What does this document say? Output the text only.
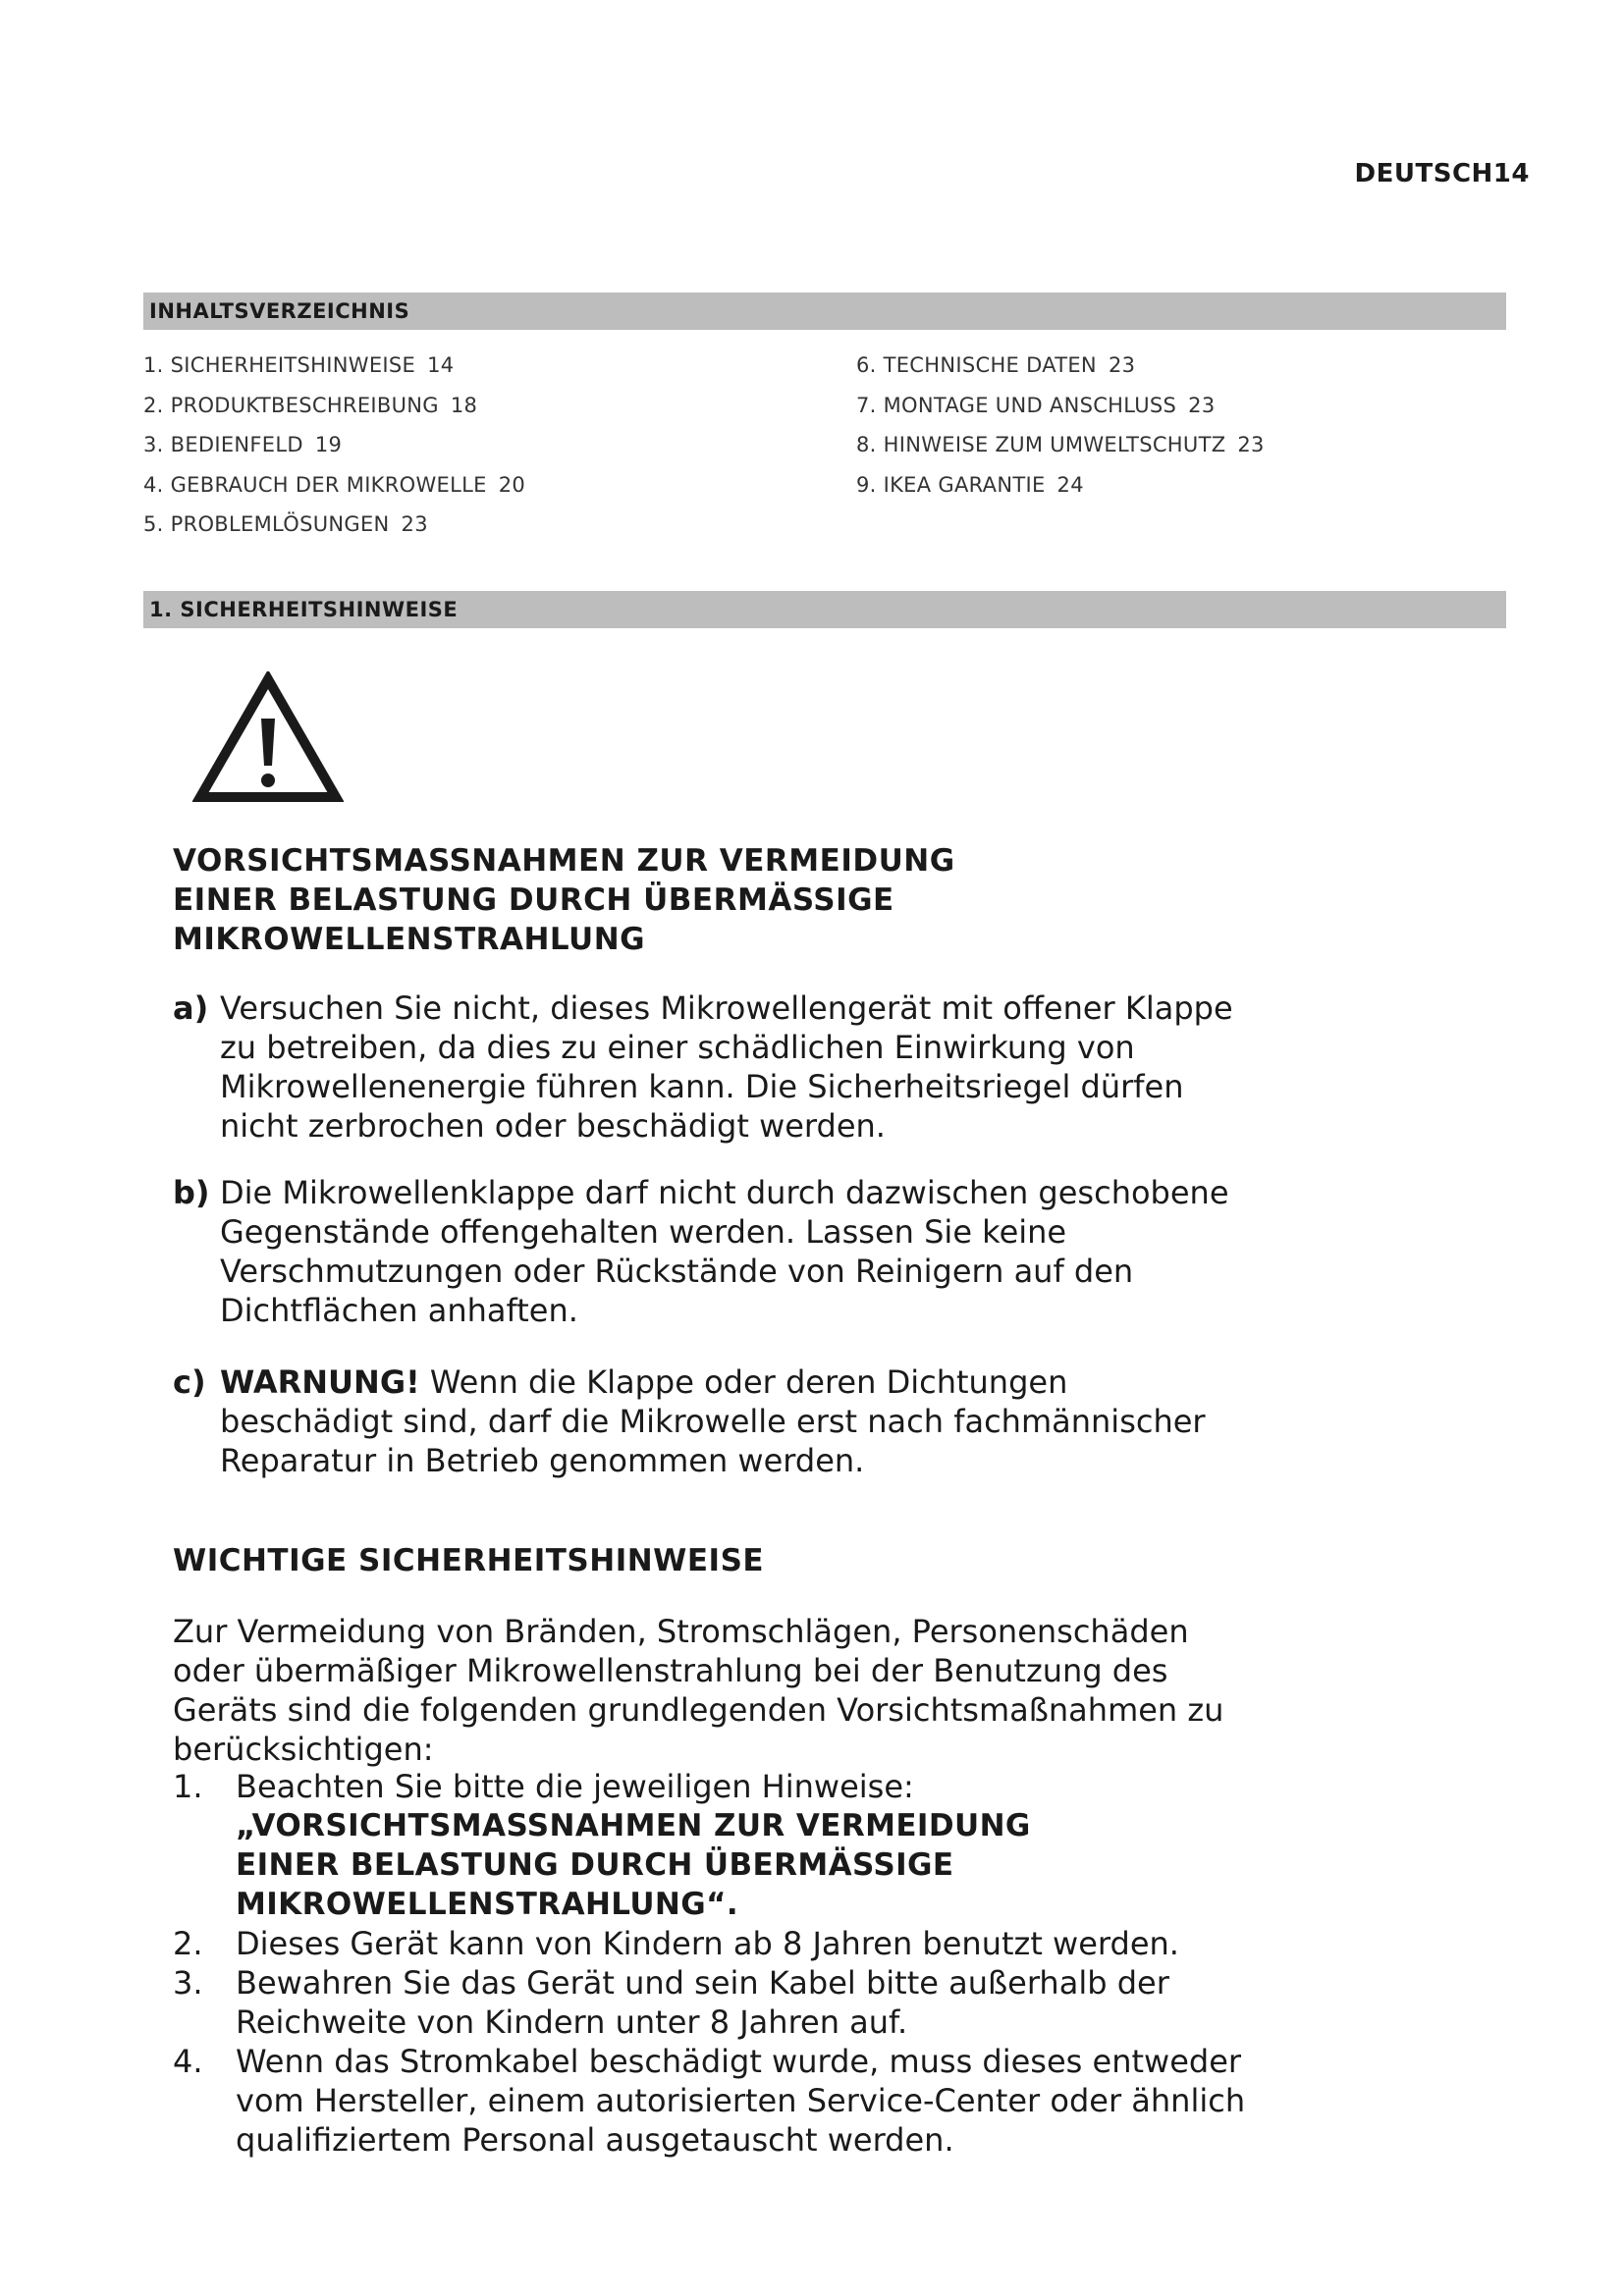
DEUTSCH14
INHALTSVERZEICHNIS
1. SICHERHEITSHINWEISE 14
2. PRODUKTBESCHREIBUNG 18
3. BEDIENFELD 19
4. GEBRAUCH DER MIKROWELLE 20
5. PROBLEMLÖSUNGEN 23
6. TECHNISCHE DATEN 23
7. MONTAGE UND ANSCHLUSS 23
8. HINWEISE ZUM UMWELTSCHUTZ 23
9. IKEA GARANTIE 24
1. SICHERHEITSHINWEISE
VORSICHTSMASSNAHMEN ZUR VERMEIDUNG
EINER BELASTUNG DURCH ÜBERMÄSSIGE
MIKROWELLENSTRAHLUNG
a) Versuchen Sie nicht, dieses Mikrowellengerät mit offener Klappe
zu betreiben, da dies zu einer schädlichen Einwirkung von
Mikrowellenenergie führen kann. Die Sicherheitsriegel dürfen
nicht zerbrochen oder beschädigt werden.
b) Die Mikrowellenklappe darf nicht durch dazwischen geschobene
Gegenstände offengehalten werden. Lassen Sie keine
Verschmutzungen oder Rückstände von Reinigern auf den
Dichtflächen anhaften.
c) WARNUNG! Wenn die Klappe oder deren Dichtungen
beschädigt sind, darf die Mikrowelle erst nach fachmännischer
Reparatur in Betrieb genommen werden.
WICHTIGE SICHERHEITSHINWEISE
Zur Vermeidung von Bränden, Stromschlägen, Personenschäden
oder übermäßiger Mikrowellenstrahlung bei der Benutzung des
Geräts sind die folgenden grundlegenden Vorsichtsmaßnahmen zu
berücksichtigen:
1. Beachten Sie bitte die jeweiligen Hinweise:
„VORSICHTSMASSNAHMEN ZUR VERMEIDUNG
EINER BELASTUNG DURCH ÜBERMÄSSIGE
MIKROWELLENSTRAHLUNG“.
2. Dieses Gerät kann von Kindern ab 8 Jahren benutzt werden.
3. Bewahren Sie das Gerät und sein Kabel bitte außerhalb der
Reichweite von Kindern unter 8 Jahren auf.
4. Wenn das Stromkabel beschädigt wurde, muss dieses entweder
vom Hersteller, einem autorisierten Service-Center oder ähnlich
qualifiziertem Personal ausgetauscht werden.
